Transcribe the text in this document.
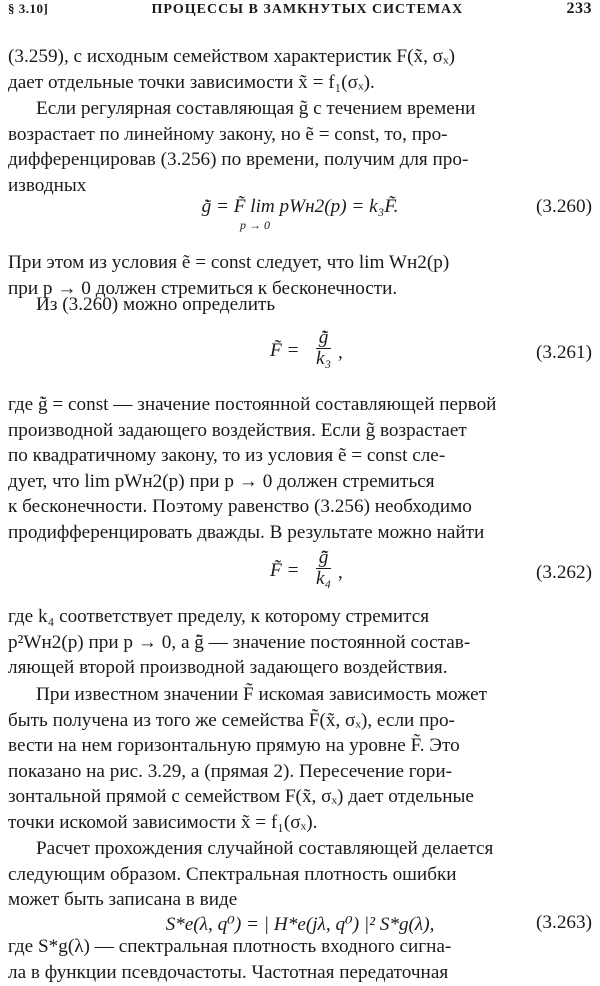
§ 3.10]	ПРОЦЕССЫ В ЗАМКНУТЫХ СИСТЕМАХ	233
(3.259), с исходным семейством характеристик F(x̃, σₓ)
дает отдельные точки зависимости x̃ = f₁(σₓ).
Если регулярная составляющая g̃ с течением времени
возрастает по линейному закону, но ẽ = const, то, про-
дифференцировав (3.256) по времени, получим для про-
изводных
g̃̇ = F̃ lim pWн2(p) = k₃F̃.	(3.260)
p → 0
При этом из условия ẽ = const следует, что lim Wн2(p)
при p → 0 должен стремиться к бесконечности.
Из (3.260) можно определить
F̃ = $\frac{g̃̇}{\text{k₃}}$ ,	(3.261)
где g̃̇ = const — значение постоянной составляющей первой
производной задающего воздействия. Если g̃ возрастает
по квадратичному закону, то из условия ẽ = const сле-
дует, что lim pWн2(p) при p → 0 должен стремиться
к бесконечности. Поэтому равенство (3.256) необходимо
продифференцировать дважды. В результате можно найти
F̃ = $\frac{g̃̈}{\text{k₄}}$ ,	(3.262)
где k₄ соответствует пределу, к которому стремится
p²Wн2(p) при p → 0, а g̃̈ — значение постоянной состав-
ляющей второй производной задающего воздействия.
При известном значении F̃ искомая зависимость может
быть получена из того же семейства F̃(x̃, σₓ), если про-
вести на нем горизонтальную прямую на уровне F̃. Это
показано на рис. 3.29, а (прямая 2). Пересечение гори-
зонтальной прямой с семейством F(x̃, σₓ) дает отдельные
точки искомой зависимости x̃ = f₁(σₓ).
Расчет прохождения случайной составляющей делается
следующим образом. Спектральная плотность ошибки
может быть записана в виде
S*e(λ, q⁰) = | H*e(jλ, q⁰) |² S*g(λ),	(3.263)
где S*g(λ) — спектральная плотность входного сигна-
ла в функции псевдочастоты. Частотная передаточная
